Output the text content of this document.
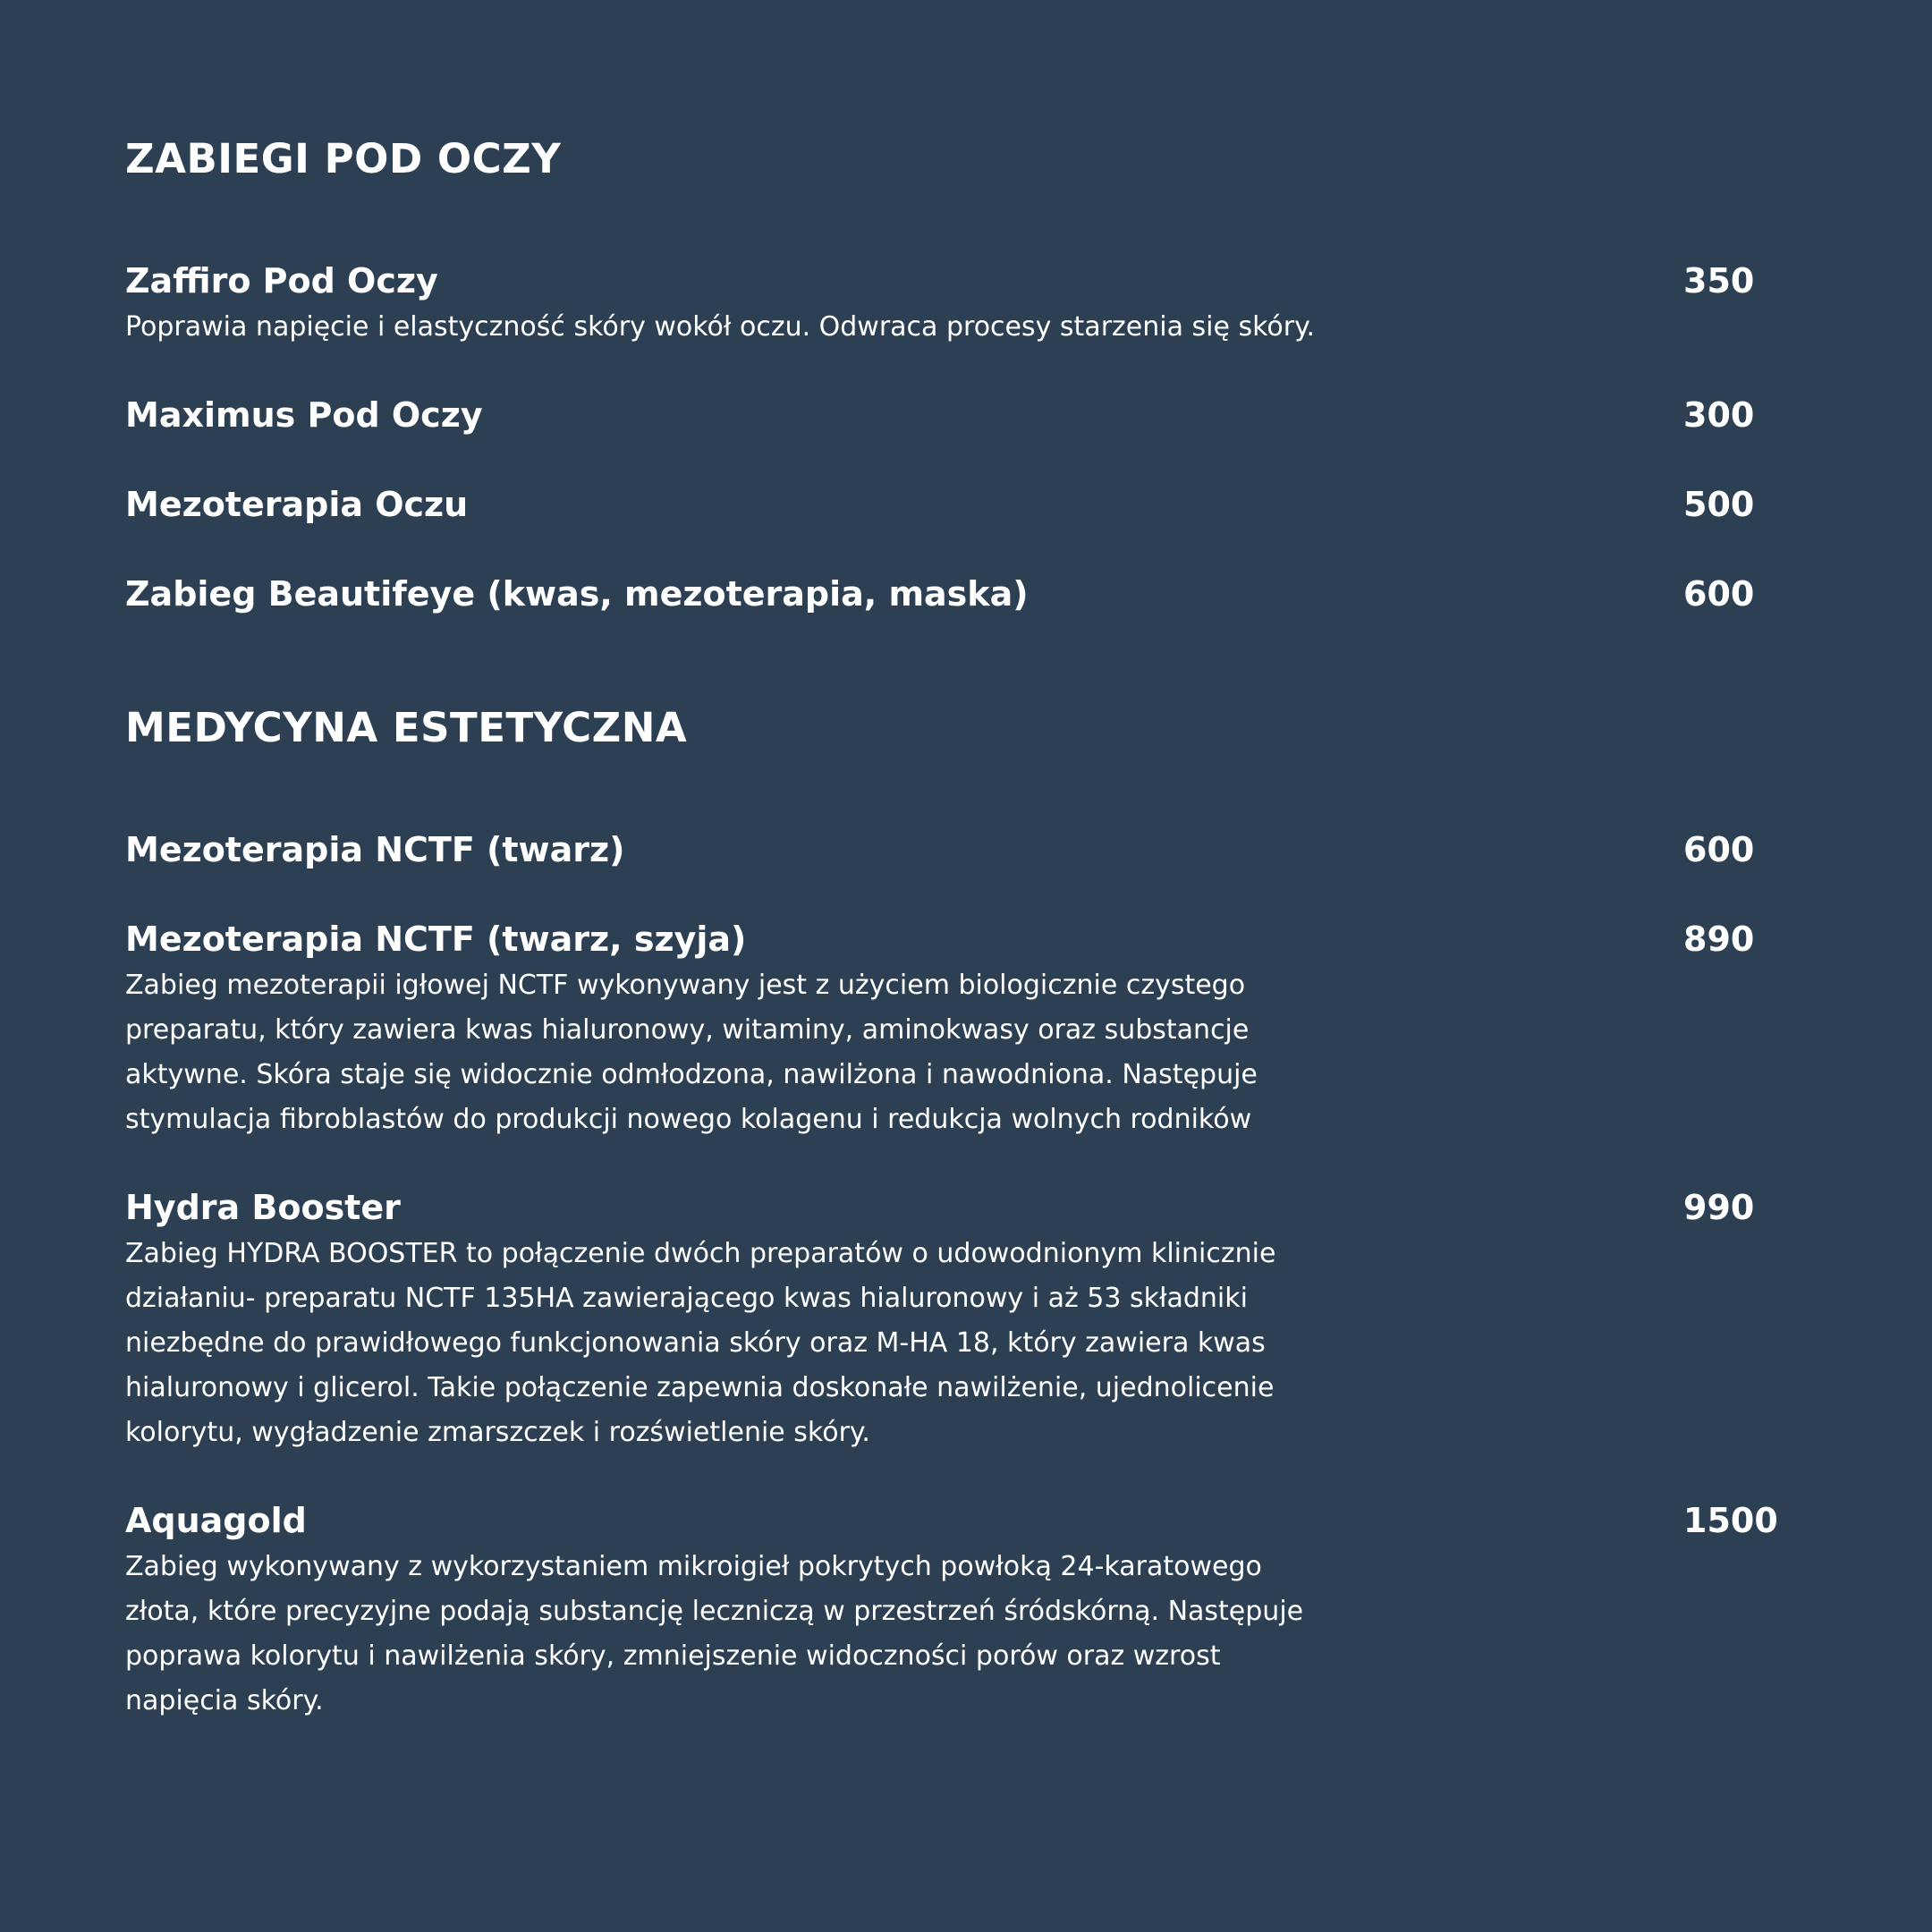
ZABIEGI POD OCZY
Zaffiro Pod Oczy	350
Poprawia napięcie i elastyczność skóry wokół oczu. Odwraca procesy starzenia się skóry.
Maximus Pod Oczy	300
Mezoterapia Oczu	500
Zabieg Beautifeye (kwas, mezoterapia, maska)	600
MEDYCYNA ESTETYCZNA
Mezoterapia NCTF (twarz)	600
Mezoterapia NCTF (twarz, szyja)	890
Zabieg mezoterapii igłowej NCTF wykonywany jest z użyciem biologicznie czystego preparatu, który zawiera kwas hialuronowy, witaminy, aminokwasy oraz substancje aktywne. Skóra staje się widocznie odmłodzona, nawilżona i nawodniona. Następuje stymulacja fibroblastów do produkcji nowego kolagenu i redukcja wolnych rodników
Hydra Booster	990
Zabieg HYDRA BOOSTER to połączenie dwóch preparatów o udowodnionym klinicznie działaniu- preparatu NCTF 135HA zawierającego kwas hialuronowy i aż 53 składniki niezbędne do prawidłowego funkcjonowania skóry oraz M-HA 18, który zawiera kwas hialuronowy i glicerol. Takie połączenie zapewnia doskonałe nawilżenie, ujednolicenie kolorytu, wygładzenie zmarszczek i rozświetlenie skóry.
Aquagold	1500
Zabieg wykonywany z wykorzystaniem mikroigieł pokrytych powłoką 24-karatowego złota, które precyzyjne podają substancję leczniczą w przestrzeń śródskórną. Następuje poprawa kolorytu i nawilżenia skóry, zmniejszenie widoczności porów oraz wzrost napięcia skóry.
